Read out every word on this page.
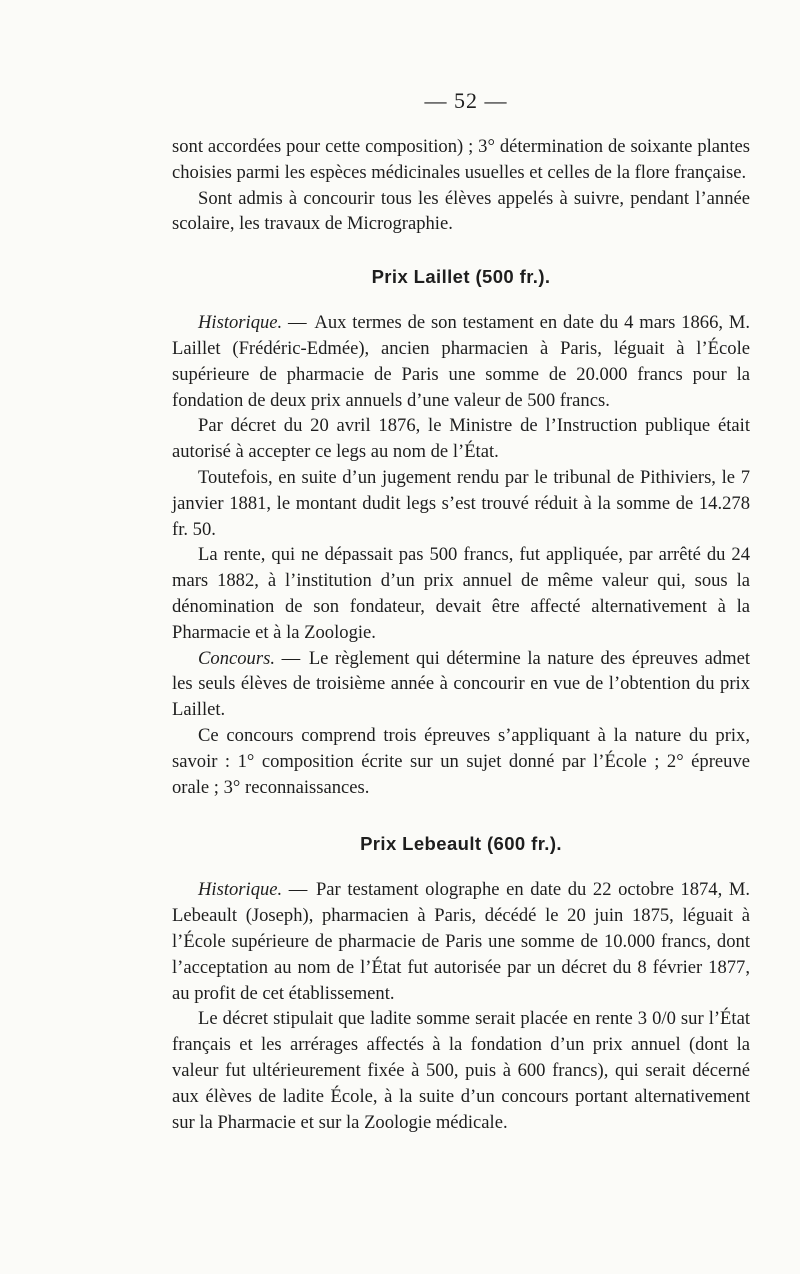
— 52 —

sont accordées pour cette composition) ; 3° détermination de soixante plantes choisies parmi les espèces médicinales usuelles et celles de la flore française.

Sont admis à concourir tous les élèves appelés à suivre, pendant l’année scolaire, les travaux de Micrographie.

Prix Laillet (500 fr.).

Historique. — Aux termes de son testament en date du 4 mars 1866, M. Laillet (Frédéric-Edmée), ancien pharmacien à Paris, léguait à l’École supérieure de pharmacie de Paris une somme de 20.000 francs pour la fondation de deux prix annuels d’une valeur de 500 francs.

Par décret du 20 avril 1876, le Ministre de l’Instruction publique était autorisé à accepter ce legs au nom de l’État.

Toutefois, en suite d’un jugement rendu par le tribunal de Pithiviers, le 7 janvier 1881, le montant dudit legs s’est trouvé réduit à la somme de 14.278 fr. 50.

La rente, qui ne dépassait pas 500 francs, fut appliquée, par arrêté du 24 mars 1882, à l’institution d’un prix annuel de même valeur qui, sous la dénomination de son fondateur, devait être affecté alternativement à la Pharmacie et à la Zoologie.

Concours. — Le règlement qui détermine la nature des épreuves admet les seuls élèves de troisième année à concourir en vue de l’obtention du prix Laillet.

Ce concours comprend trois épreuves s’appliquant à la nature du prix, savoir : 1° composition écrite sur un sujet donné par l’École ; 2° épreuve orale ; 3° reconnaissances.

Prix Lebeault (600 fr.).

Historique. — Par testament olographe en date du 22 octobre 1874, M. Lebeault (Joseph), pharmacien à Paris, décédé le 20 juin 1875, léguait à l’École supérieure de pharmacie de Paris une somme de 10.000 francs, dont l’acceptation au nom de l’État fut autorisée par un décret du 8 février 1877, au profit de cet établissement.

Le décret stipulait que ladite somme serait placée en rente 3 0/0 sur l’État français et les arrérages affectés à la fondation d’un prix annuel (dont la valeur fut ultérieurement fixée à 500, puis à 600 francs), qui serait décerné aux élèves de ladite École, à la suite d’un concours portant alternativement sur la Pharmacie et sur la Zoologie médicale.
